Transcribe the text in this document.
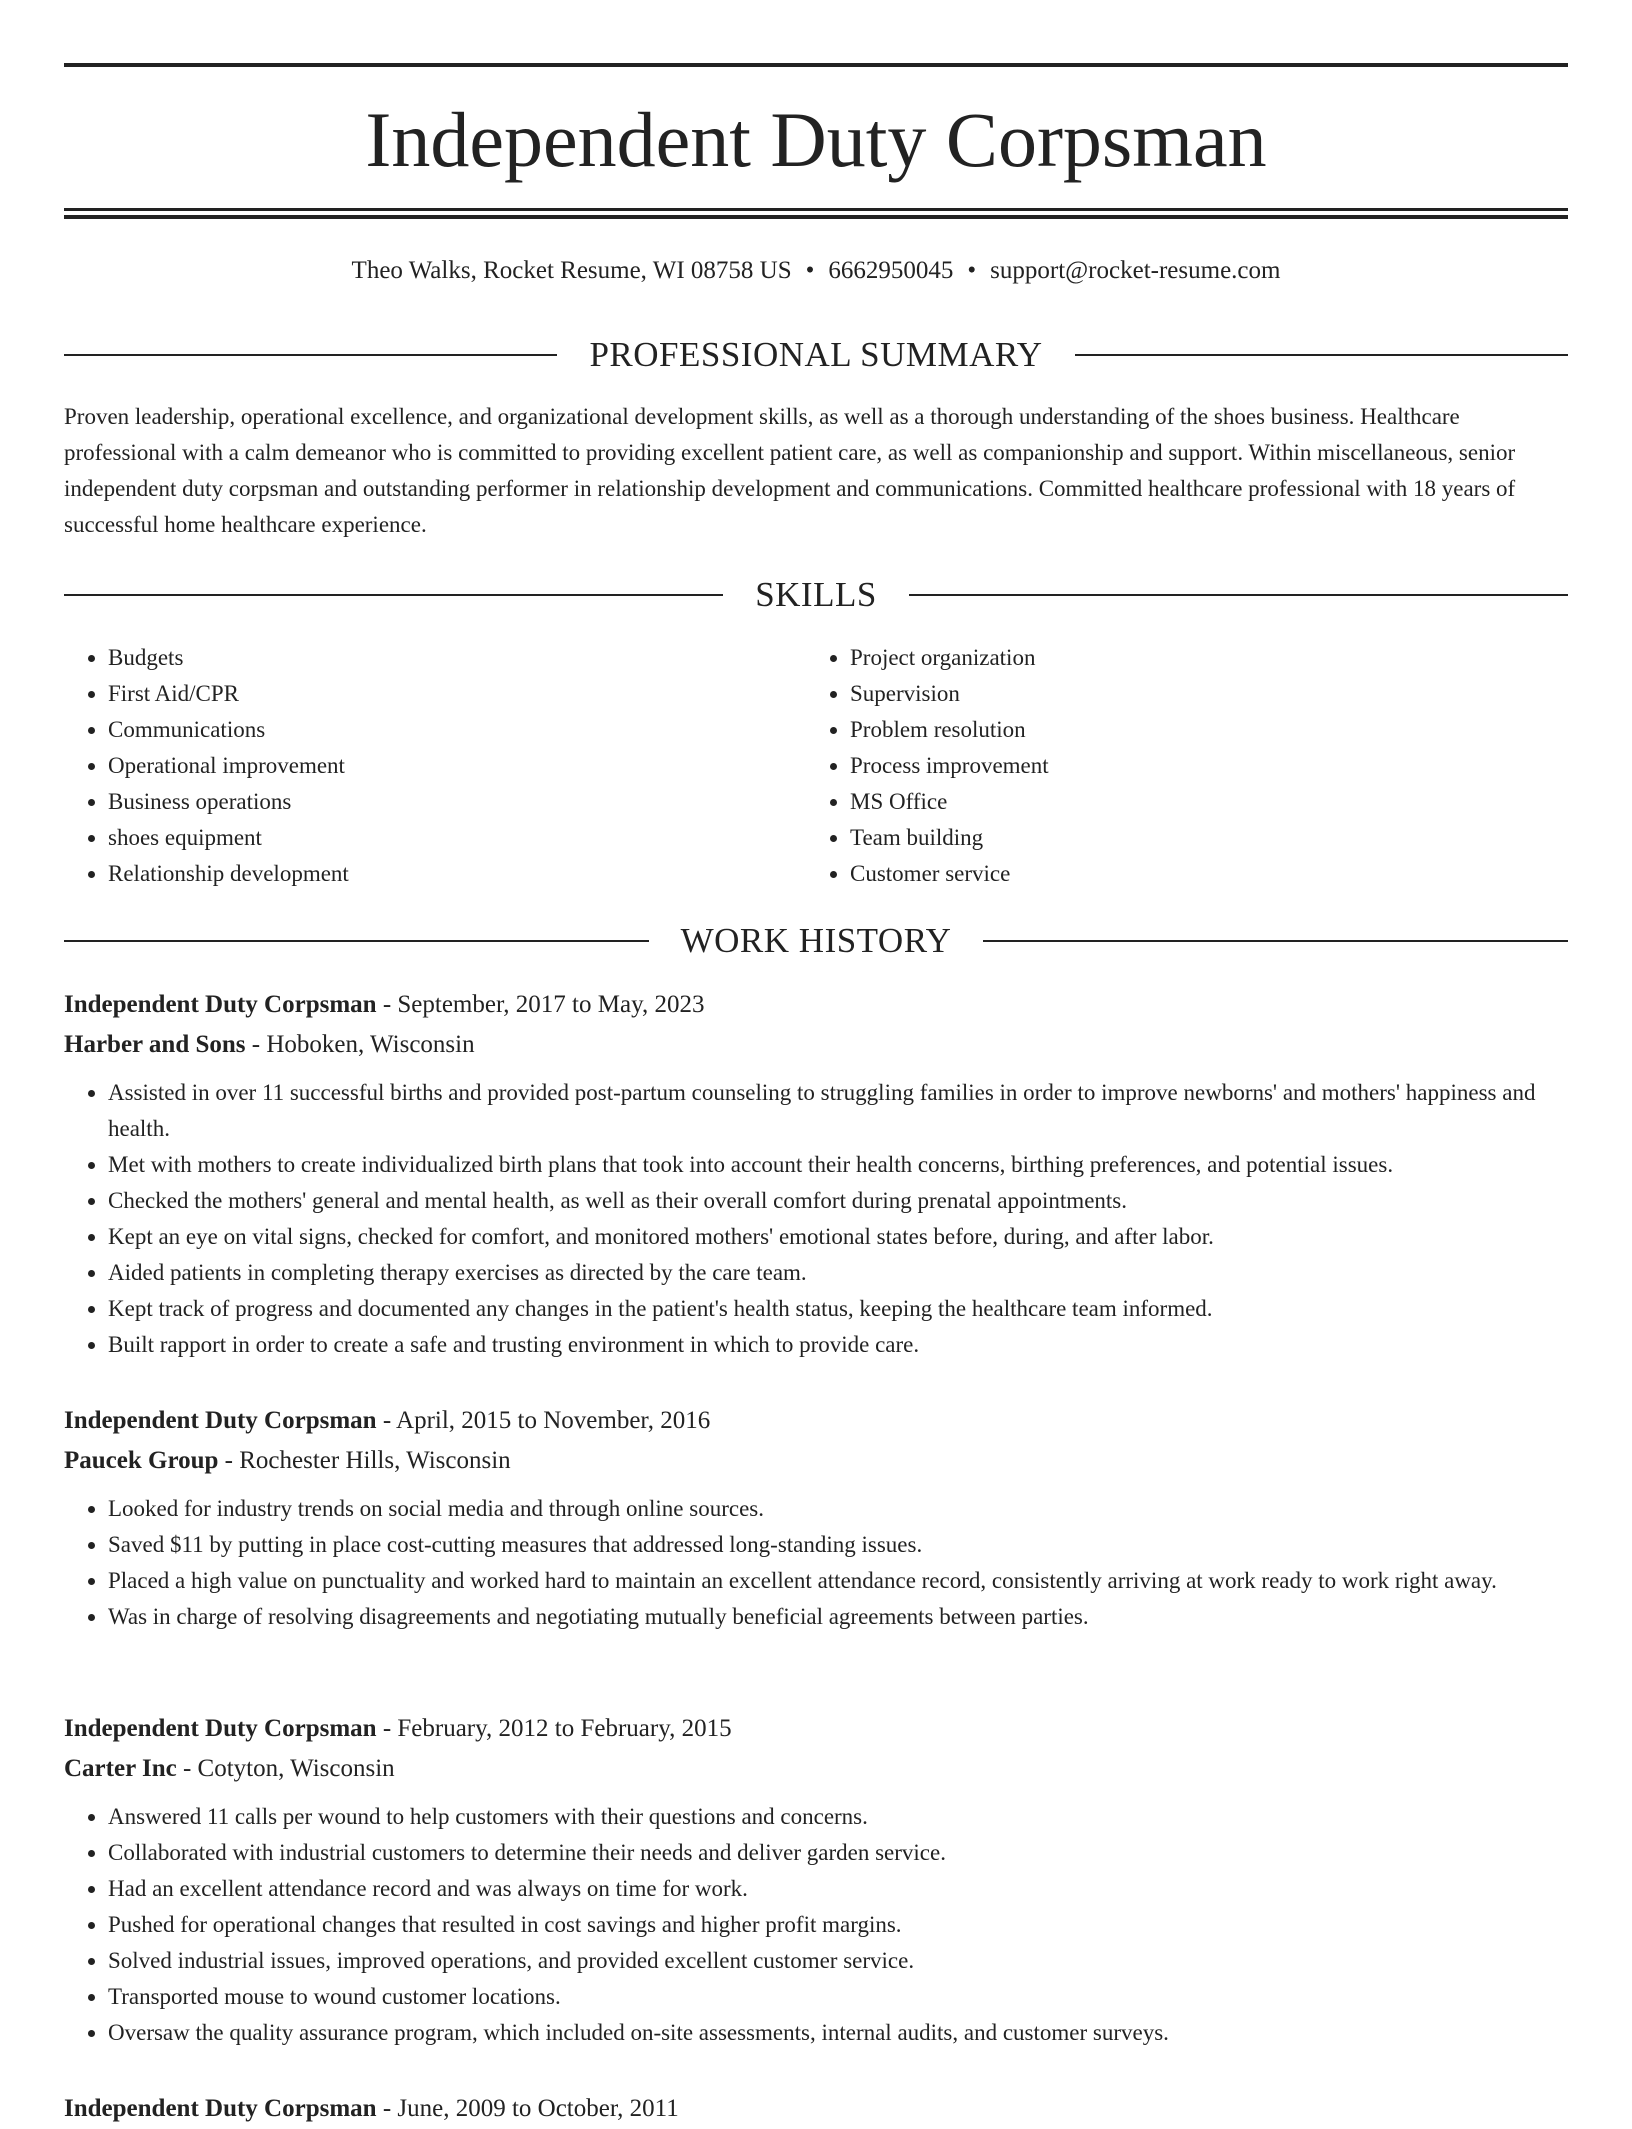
Independent Duty Corpsman
Theo Walks, Rocket Resume, WI 08758 US • 6662950045 • support@rocket-resume.com
PROFESSIONAL SUMMARY

Proven leadership, operational excellence, and organizational development skills, as well as a thorough understanding of the shoes business. Healthcare professional with a calm demeanor who is committed to providing excellent patient care, as well as companionship and support. Within miscellaneous, senior independent duty corpsman and outstanding performer in relationship development and communications. Committed healthcare professional with 18 years of successful home healthcare experience.

SKILLS
• Budgets
• First Aid/CPR
• Communications
• Operational improvement
• Business operations
• shoes equipment
• Relationship development
• Project organization
• Supervision
• Problem resolution
• Process improvement
• MS Office
• Team building
• Customer service
WORK HISTORY
Independent Duty Corpsman - September, 2017 to May, 2023
Harber and Sons - Hoboken, Wisconsin
• Assisted in over 11 successful births and provided post-partum counseling to struggling families in order to improve newborns' and mothers' happiness and health.
• Met with mothers to create individualized birth plans that took into account their health concerns, birthing preferences, and potential issues.
• Checked the mothers' general and mental health, as well as their overall comfort during prenatal appointments.
• Kept an eye on vital signs, checked for comfort, and monitored mothers' emotional states before, during, and after labor.
• Aided patients in completing therapy exercises as directed by the care team.
• Kept track of progress and documented any changes in the patient's health status, keeping the healthcare team informed.
• Built rapport in order to create a safe and trusting environment in which to provide care.
Independent Duty Corpsman - April, 2015 to November, 2016
Paucek Group - Rochester Hills, Wisconsin
• Looked for industry trends on social media and through online sources.
• Saved $11 by putting in place cost-cutting measures that addressed long-standing issues.
• Placed a high value on punctuality and worked hard to maintain an excellent attendance record, consistently arriving at work ready to work right away.
• Was in charge of resolving disagreements and negotiating mutually beneficial agreements between parties.
Independent Duty Corpsman - February, 2012 to February, 2015
Carter Inc - Cotyton, Wisconsin
• Answered 11 calls per wound to help customers with their questions and concerns.
• Collaborated with industrial customers to determine their needs and deliver garden service.
• Had an excellent attendance record and was always on time for work.
• Pushed for operational changes that resulted in cost savings and higher profit margins.
• Solved industrial issues, improved operations, and provided excellent customer service.
• Transported mouse to wound customer locations.
• Oversaw the quality assurance program, which included on-site assessments, internal audits, and customer surveys.
Independent Duty Corpsman - June, 2009 to October, 2011
